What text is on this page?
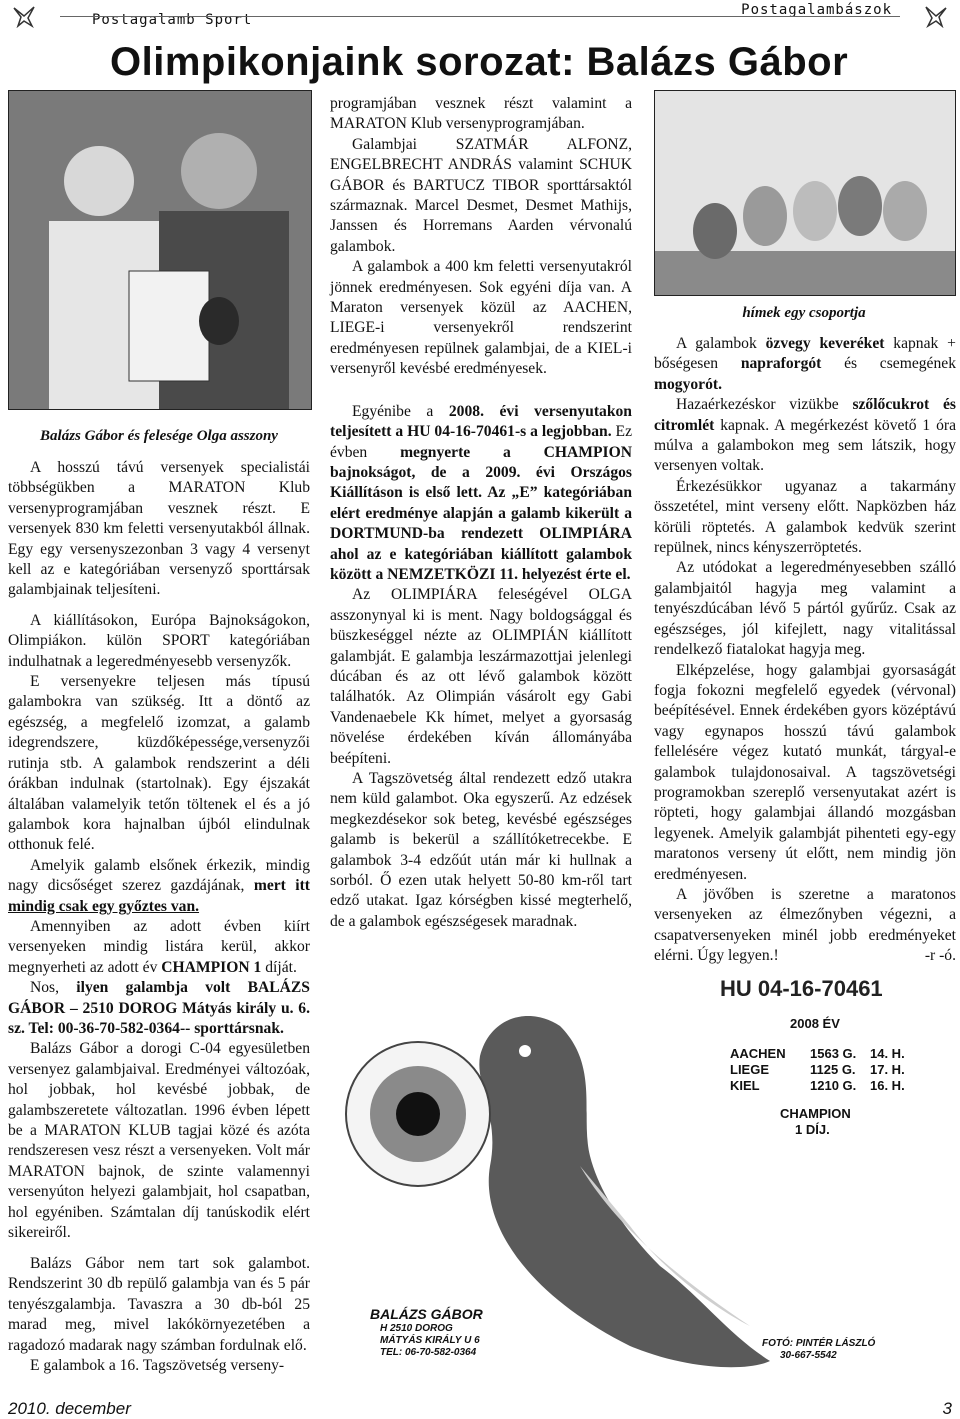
Postagalamb Sport
Postagalambászok
Olimpikonjaink sorozat: Balázs Gábor
Balázs Gábor és felesége Olga asszony

A hosszú távú versenyek specialistái többségükben a MARATON Klub versenyprogramjában vesznek részt. E versenyek 830 km feletti versenyutakból állnak. Egy egy versenyszezonban 3 vagy 4 versenyt kell az e kategóriában versenyző sporttársak galambjainak teljesíteni.

A kiállításokon, Európa Bajnokságokon, Olimpiákon. külön SPORT kategóriában indulhatnak a legeredményesebb versenyzők.

E versenyekre teljesen más típusú galambokra van szükség. Itt a döntő az egészség, a megfelelő izomzat, a galamb idegrendszere, küzdőképessége,versenyzői rutinja stb. A galambok rendszerint a déli órákban indulnak (startolnak). Egy éjszakát általában valamelyik tetőn töltenek el és a jó galambok kora hajnalban újból elindulnak otthonuk felé.

Amelyik galamb elsőnek érkezik, mindig nagy dicsőséget szerez gazdájának, mert itt mindig csak egy győztes van.

Amennyiben az adott évben kiírt versenyeken mindig listára kerül, akkor megnyerheti az adott év CHAMPION 1 díját.

Nos, ilyen galambja volt BALÁZS GÁBOR – 2510 DOROG Mátyás király u. 6. sz. Tel: 00-36-70-582-0364-- sporttársnak.

Balázs Gábor a dorogi C-04 egyesületben versenyez galambjaival. Eredményei változóak, hol jobbak, hol kevésbé jobbak, de galambszeretete változatlan. 1996 évben lépett be a MARATON KLUB tagjai közé és azóta rendszeresen vesz részt a versenyeken. Volt már MARATON bajnok, de szinte valamennyi versenyúton helyezi galambjait, hol csapatban, hol egyéniben. Számtalan díj tanúskodik elért sikereiről.

Balázs Gábor nem tart sok galambot. Rendszerint 30 db repülő galambja van és 5 pár tenyészgalambja. Tavaszra a 30 db-ból 25 marad meg, mivel lakókörnyezetében a ragadozó madarak nagy számban fordulnak elő.

E galambok a 16. Tagszövetség verseny-

programjában vesznek részt valamint a MARATON Klub versenyprogramjában.

Galambjai SZATMÁR ALFONZ, ENGELBRECHT ANDRÁS valamint SCHUK GÁBOR és BARTUCZ TIBOR sporttársaktól származnak. Marcel Desmet, Desmet Mathijs, Janssen és Horremans Aarden vérvonalú galambok.

A galambok a 400 km feletti versenyutakról jönnek eredményesen. Sok egyéni díja van. A Maraton versenyek közül az AACHEN, LIEGE-i versenyekről rendszerint eredményesen repülnek galambjai, de a KIEL-i versenyről kevésbé eredményesek.

Egyénibe a 2008. évi versenyutakon teljesített a HU 04-16-70461-s a legjobban. Ez évben megnyerte a CHAMPION bajnokságot, de a 2009. évi Országos Kiállításon is első lett. Az „E” kategóriában elért eredménye alapján a galamb kikerült a DORTMUND-ba rendezett OLIMPIÁRA ahol az e kategóriában kiállított galambok között a NEMZETKÖZI 11. helyezést érte el.

Az OLIMPIÁRA feleségével OLGA asszonynyal ki is ment. Nagy boldogsággal és büszkeséggel nézte az OLIMPIÁN kiállított galambját. E galambja leszármazottjai jelenlegi dúcában és az ott lévő galambok között találhatók. Az Olimpián vásárolt egy Gabi Vandenaebele Kk hímet, melyet a gyorsaság növelése érdekében kíván állományába beépíteni.

A Tagszövetség által rendezett edző utakra nem küld galambot. Oka egyszerű. Az edzések megkezdésekor sok beteg, kevésbé egészséges galamb is bekerül a szállítóketrecekbe. E galambok 3-4 edzőút után már ki hullnak a sorból. Ő ezen utak helyett 50-80 km-ről tart edző utakat. Igaz kórségben kissé megterhelő, de a galambok egészségesek maradnak.

hímek egy csoportja

A galambok özvegy keveréket kapnak + bőségesen napraforgót és csemegének mogyorót.

Hazaérkezéskor vizükbe szőlőcukrot és citromlét kapnak. A megérkezést követő 1 óra múlva a galambokon meg sem látszik, hogy versenyen voltak.

Érkezésükkor ugyanaz a takarmány összetétel, mint verseny előtt. Napközben ház körüli röptetés. A galambok kedvük szerint repülnek, nincs kényszerröptetés.

Az utódokat a legeredményesebben szálló galambjaitól hagyja meg valamint a tenyészdúcában lévő 5 pártól gyűrűz. Csak az egészséges, jól kifejlett, nagy vitalitással rendelkező fiatalokat hagyja meg.

Elképzelése, hogy galambjai gyorsaságát fogja fokozni megfelelő egyedek (vérvonal) beépítésével. Ennek érdekében gyors középtávú vagy egynapos hosszú távú galambok fellelésére végez kutató munkát, tárgyal-e galambok tulajdonosaival. A tagszövetségi programokban szereplő versenyutakat azért is röpteti, hogy galambjai állandó mozgásban legyenek. Amelyik galambját pihenteti egy-egy maratonos verseny út előtt, nem mindig jön eredményesen.

A jövőben is szeretne a maratonos versenyeken az élmezőnyben végezni, a csapatversenyeken minél jobb eredményeket elérni. Úgy legyen.!	-r -ó.

HU 04-16-70461
2008 ÉV
AACHEN 1563 G. 14. H.
LIEGE	1125 G. 17. H.
KIEL	1210 G. 16. H.
CHAMPION
1 DÍJ.
BALÁZS GÁBOR
H 2510 DOROG
MÁTYÁS KIRÁLY U 6
TEL: 06-70-582-0364
FOTÓ: PINTÉR LÁSZLÓ
30-667-5542
2010. december	3
